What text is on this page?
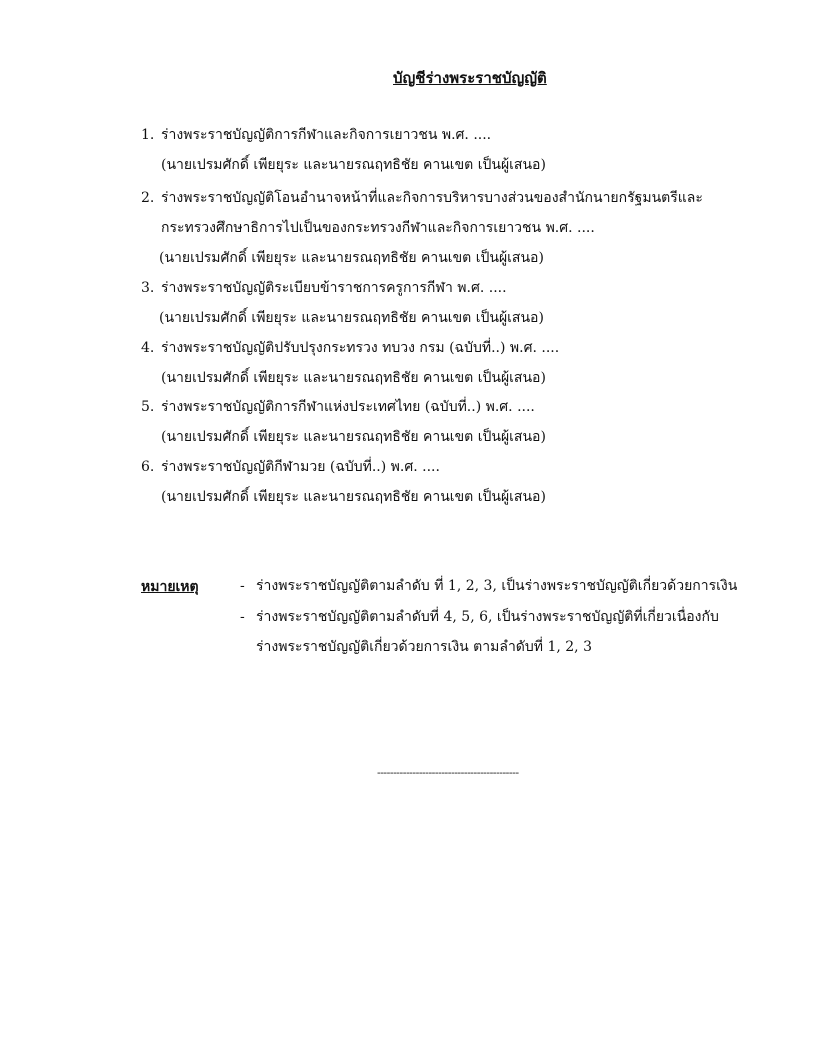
บัญชีร่างพระราชบัญญัติ
1. ร่างพระราชบัญญัติการกีฬาและกิจการเยาวชน พ.ศ. ....
(นายเปรมศักดิ์ เพียยุระ และนายรณฤทธิชัย คานเขต เป็นผู้เสนอ)
2. ร่างพระราชบัญญัติโอนอำนาจหน้าที่และกิจการบริหารบางส่วนของสำนักนายกรัฐมนตรีและ
กระทรวงศึกษาธิการไปเป็นของกระทรวงกีฬาและกิจการเยาวชน พ.ศ. ....
(นายเปรมศักดิ์ เพียยุระ และนายรณฤทธิชัย คานเขต เป็นผู้เสนอ)
3. ร่างพระราชบัญญัติระเบียบข้าราชการครูการกีฬา พ.ศ. ....
(นายเปรมศักดิ์ เพียยุระ และนายรณฤทธิชัย คานเขต เป็นผู้เสนอ)
4. ร่างพระราชบัญญัติปรับปรุงกระทรวง ทบวง กรม (ฉบับที่..) พ.ศ. ....
(นายเปรมศักดิ์ เพียยุระ และนายรณฤทธิชัย คานเขต เป็นผู้เสนอ)
5. ร่างพระราชบัญญัติการกีฬาแห่งประเทศไทย (ฉบับที่..) พ.ศ. ....
(นายเปรมศักดิ์ เพียยุระ และนายรณฤทธิชัย คานเขต เป็นผู้เสนอ)
6. ร่างพระราชบัญญัติกีฬามวย (ฉบับที่..) พ.ศ. ....
(นายเปรมศักดิ์ เพียยุระ และนายรณฤทธิชัย คานเขต เป็นผู้เสนอ)
หมายเหตุ	- ร่างพระราชบัญญัติตามลำดับ ที่ 1, 2, 3, เป็นร่างพระราชบัญญัติเกี่ยวด้วยการเงิน
- ร่างพระราชบัญญัติตามลำดับที่ 4, 5, 6, เป็นร่างพระราชบัญญัติที่เกี่ยวเนื่องกับ
ร่างพระราชบัญญัติเกี่ยวด้วยการเงิน ตามลำดับที่ 1, 2, 3
--------------------------------------------
